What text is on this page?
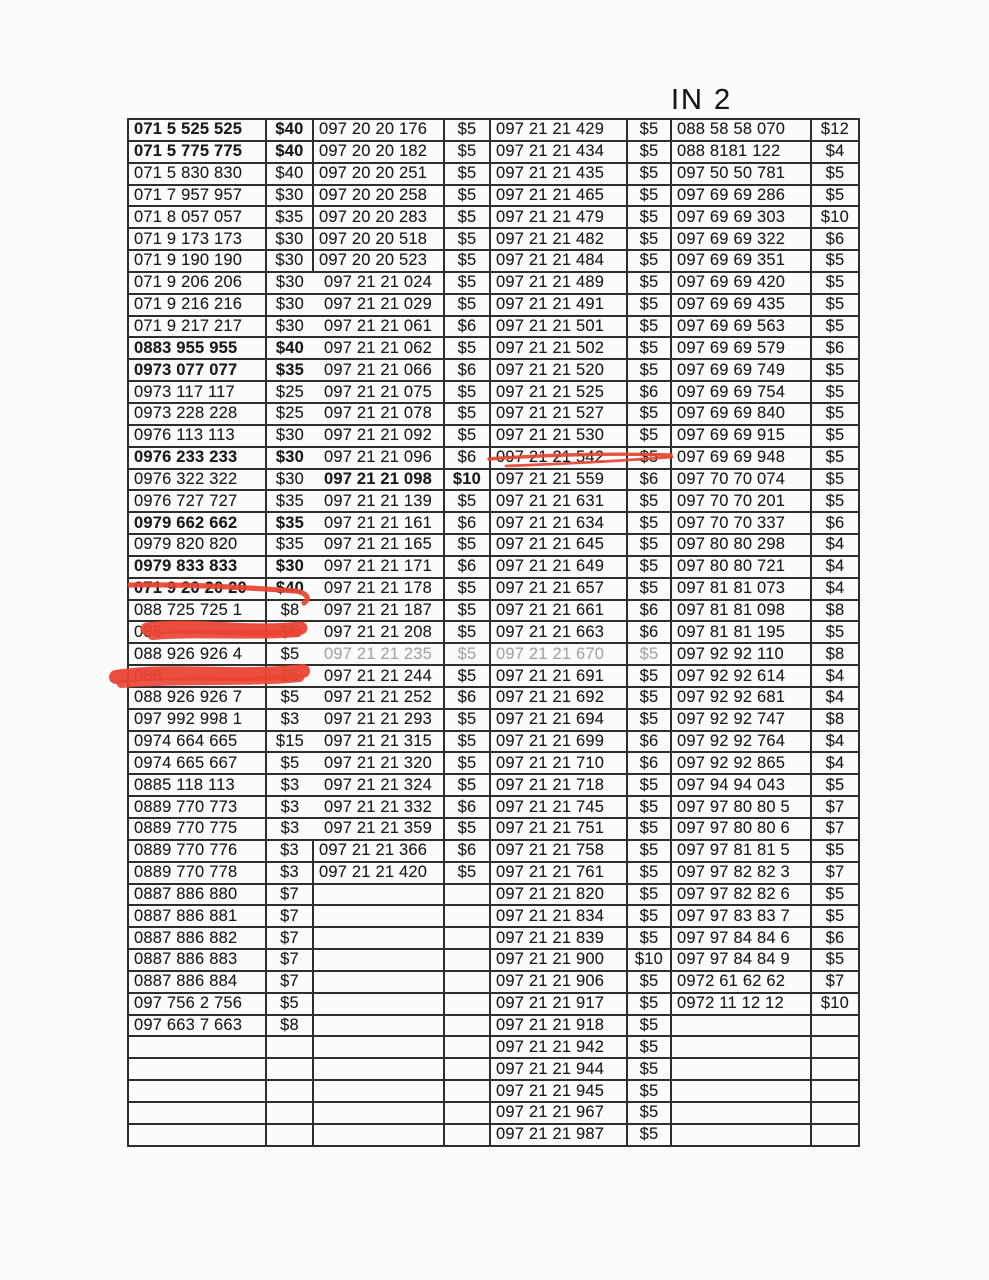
IN 2
071 5 525 525	$40	097 20 20 176	$5	097 21 21 429	$5	088 58 58 070	$12
071 5 775 775	$40	097 20 20 182	$5	097 21 21 434	$5	088 8181 122	$4
071 5 830 830	$40	097 20 20 251	$5	097 21 21 435	$5	097 50 50 781	$5
071 7 957 957	$30	097 20 20 258	$5	097 21 21 465	$5	097 69 69 286	$5
071 8 057 057	$35	097 20 20 283	$5	097 21 21 479	$5	097 69 69 303	$10
071 9 173 173	$30	097 20 20 518	$5	097 21 21 482	$5	097 69 69 322	$6
071 9 190 190	$30	097 20 20 523	$5	097 21 21 484	$5	097 69 69 351	$5
071 9 206 206	$30	097 21 21 024	$5	097 21 21 489	$5	097 69 69 420	$5
071 9 216 216	$30	097 21 21 029	$5	097 21 21 491	$5	097 69 69 435	$5
071 9 217 217	$30	097 21 21 061	$6	097 21 21 501	$5	097 69 69 563	$5
0883 955 955	$40	097 21 21 062	$5	097 21 21 502	$5	097 69 69 579	$6
0973 077 077	$35	097 21 21 066	$6	097 21 21 520	$5	097 69 69 749	$5
0973 117 117	$25	097 21 21 075	$5	097 21 21 525	$6	097 69 69 754	$5
0973 228 228	$25	097 21 21 078	$5	097 21 21 527	$5	097 69 69 840	$5
0976 113 113	$30	097 21 21 092	$5	097 21 21 530	$5	097 69 69 915	$5
0976 233 233	$30	097 21 21 096	$6	097 21 21 542	$5	097 69 69 948	$5
0976 322 322	$30	097 21 21 098	$10	097 21 21 559	$6	097 70 70 074	$5
0976 727 727	$35	097 21 21 139	$5	097 21 21 631	$5	097 70 70 201	$5
0979 662 662	$35	097 21 21 161	$6	097 21 21 634	$5	097 70 70 337	$6
0979 820 820	$35	097 21 21 165	$5	097 21 21 645	$5	097 80 80 298	$4
0979 833 833	$30	097 21 21 171	$6	097 21 21 649	$5	097 80 80 721	$4
071 9 20 20 20	$40	097 21 21 178	$5	097 21 21 657	$5	097 81 81 073	$4
088 725 725 1	$8	097 21 21 187	$5	097 21 21 661	$6	097 81 81 098	$8
088	$5	097 21 21 208	$5	097 21 21 663	$6	097 81 81 195	$5
088 926 926 4	$5	097 21 21 235	$5	097 21 21 670	$5	097 92 92 110	$8
088	$5	097 21 21 244	$5	097 21 21 691	$5	097 92 92 614	$4
088 926 926 7	$5	097 21 21 252	$6	097 21 21 692	$5	097 92 92 681	$4
097 992 998 1	$3	097 21 21 293	$5	097 21 21 694	$5	097 92 92 747	$8
0974 664 665	$15	097 21 21 315	$5	097 21 21 699	$6	097 92 92 764	$4
0974 665 667	$5	097 21 21 320	$5	097 21 21 710	$6	097 92 92 865	$4
0885 118 113	$3	097 21 21 324	$5	097 21 21 718	$5	097 94 94 043	$5
0889 770 773	$3	097 21 21 332	$6	097 21 21 745	$5	097 97 80 80 5	$7
0889 770 775	$3	097 21 21 359	$5	097 21 21 751	$5	097 97 80 80 6	$7
0889 770 776	$3	097 21 21 366	$6	097 21 21 758	$5	097 97 81 81 5	$5
0889 770 778	$3	097 21 21 420	$5	097 21 21 761	$5	097 97 82 82 3	$7
0887 886 880	$7			097 21 21 820	$5	097 97 82 82 6	$5
0887 886 881	$7			097 21 21 834	$5	097 97 83 83 7	$5
0887 886 882	$7			097 21 21 839	$5	097 97 84 84 6	$6
0887 886 883	$7			097 21 21 900	$10	097 97 84 84 9	$5
0887 886 884	$7			097 21 21 906	$5	0972 61 62 62	$7
097 756 2 756	$5			097 21 21 917	$5	0972 11 12 12	$10
097 663 7 663	$8			097 21 21 918	$5		
				097 21 21 942	$5		
				097 21 21 944	$5		
				097 21 21 945	$5		
				097 21 21 967	$5		
				097 21 21 987	$5		
